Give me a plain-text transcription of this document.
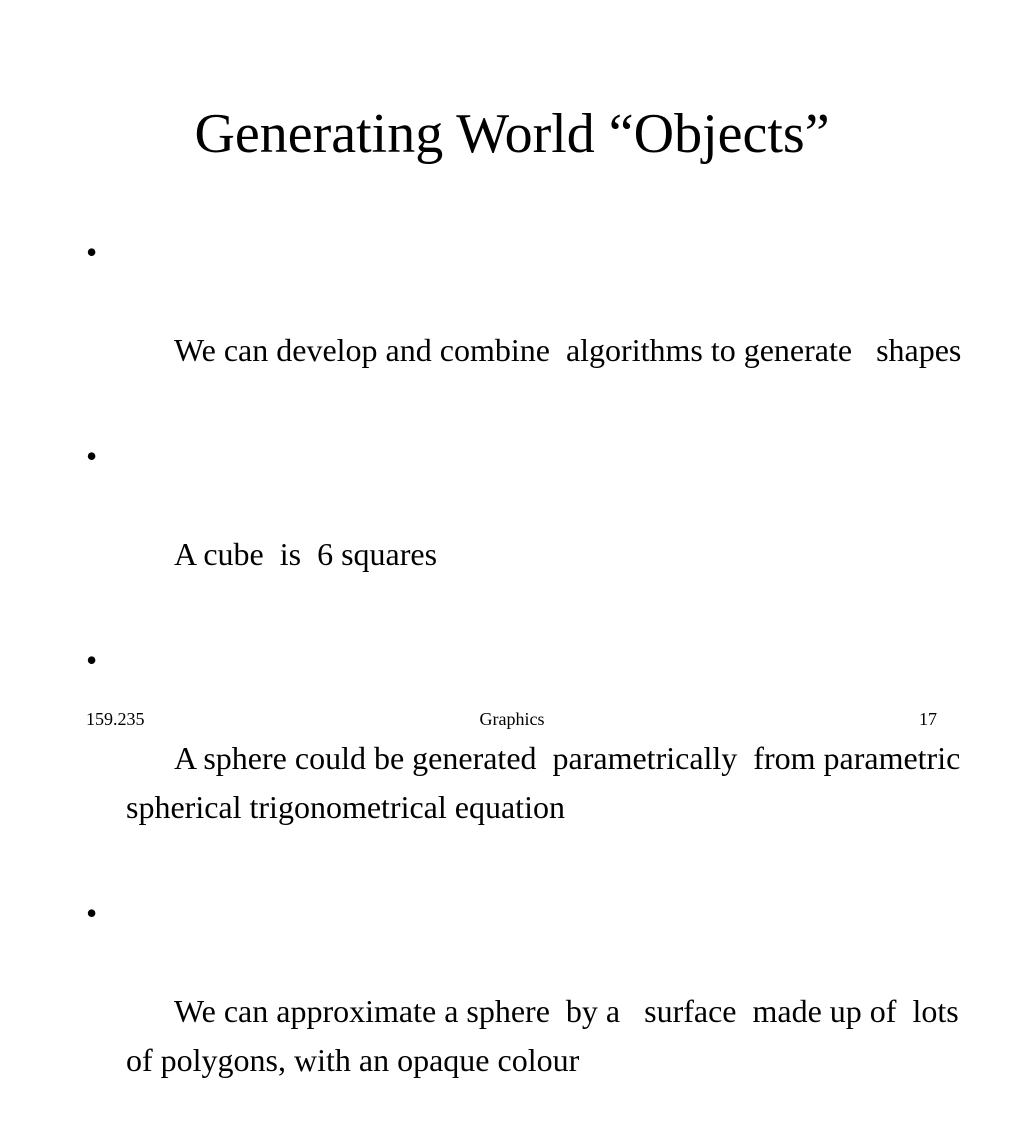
Generating World “Objects”

•

We can develop and combine  algorithms to generate   shapes

•

A cube  is  6 squares

•

A sphere could be generated  parametrically  from parametric spherical trigonometrical equation

•

We can approximate a sphere  by a   surface  made up of  lots  of polygons, with an opaque colour

159.235	Graphics	17
